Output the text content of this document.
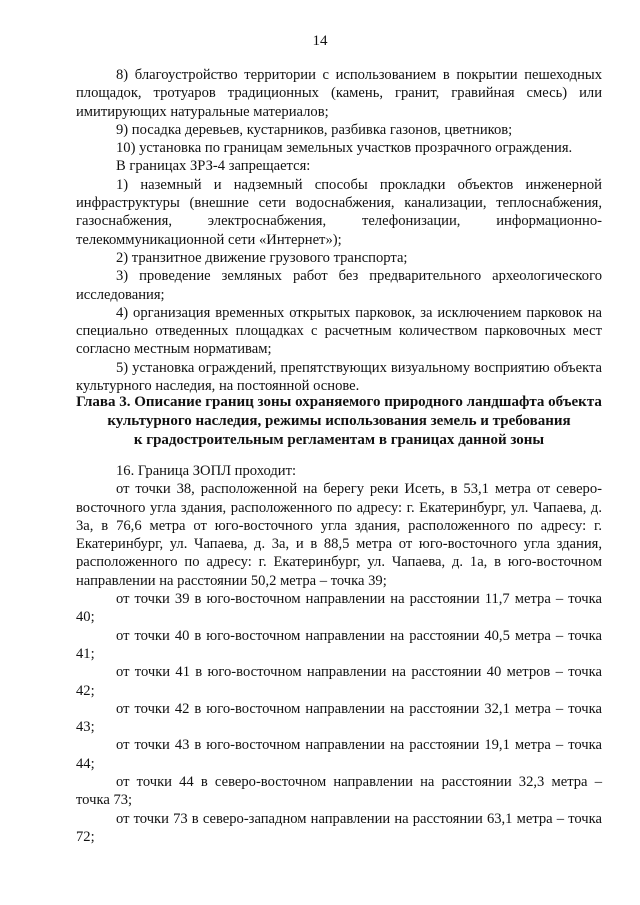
14

8) благоустройство территории с использованием в покрытии пешеходных площадок, тротуаров традиционных (камень, гранит, гравийная смесь) или имитирующих натуральные материалов;

9) посадка деревьев, кустарников, разбивка газонов, цветников;

10) установка по границам земельных участков прозрачного ограждения.

В границах ЗРЗ-4 запрещается:

1) наземный и надземный способы прокладки объектов инженерной инфраструктуры (внешние сети водоснабжения, канализации, теплоснабжения, газоснабжения, электроснабжения, телефонизации, информационно-телекоммуникационной сети «Интернет»);

2) транзитное движение грузового транспорта;

3) проведение земляных работ без предварительного археологического исследования;

4) организация временных открытых парковок, за исключением парковок на специально отведенных площадках с расчетным количеством парковочных мест согласно местным нормативам;

5) установка ограждений, препятствующих визуальному восприятию объекта культурного наследия, на постоянной основе.

Глава 3. Описание границ зоны охраняемого природного ландшафта объекта
культурного наследия, режимы использования земель и требования
к градостроительным регламентам в границах данной зоны

16. Граница ЗОПЛ проходит:

от точки 38, расположенной на берегу реки Исеть, в 53,1 метра от северо-восточного угла здания, расположенного по адресу: г. Екатеринбург, ул. Чапаева, д. 3а, в 76,6 метра от юго-восточного угла здания, расположенного по адресу: г. Екатеринбург, ул. Чапаева, д. 3а, и в 88,5 метра от юго-восточного угла здания, расположенного по адресу: г. Екатеринбург, ул. Чапаева, д. 1а, в юго-восточном направлении на расстоянии 50,2 метра – точка 39;

от точки 39 в юго-восточном направлении на расстоянии 11,7 метра – точка 40;

от точки 40 в юго-восточном направлении на расстоянии 40,5 метра – точка 41;

от точки 41 в юго-восточном направлении на расстоянии 40 метров – точка 42;

от точки 42 в юго-восточном направлении на расстоянии 32,1 метра – точка 43;

от точки 43 в юго-восточном направлении на расстоянии 19,1 метра – точка 44;

от точки 44 в северо-восточном направлении на расстоянии 32,3 метра – точка 73;

от точки 73 в северо-западном направлении на расстоянии 63,1 метра – точка 72;
